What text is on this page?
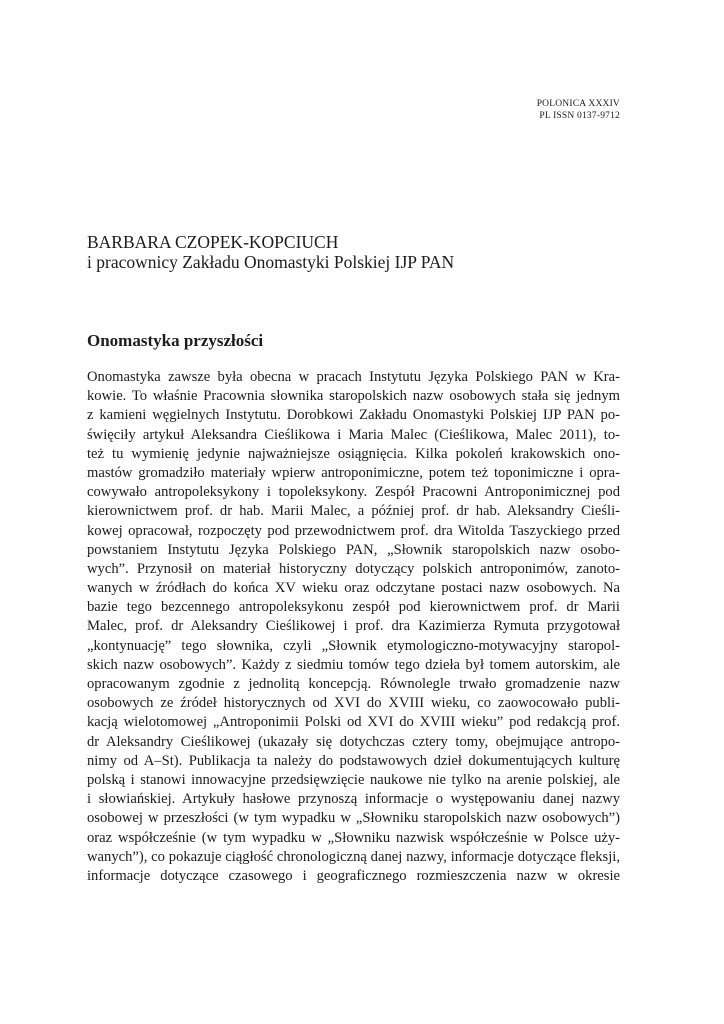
POLONICA XXXIV
PL ISSN 0137-9712
BARBARA CZOPEK-KOPCIUCH
i pracownicy Zakładu Onomastyki Polskiej IJP PAN
Onomastyka przyszłości
Onomastyka zawsze była obecna w pracach Instytutu Języka Polskiego PAN w Kra-
kowie. To właśnie Pracownia słownika staropolskich nazw osobowych stała się jednym
z kamieni węgielnych Instytutu. Dorobkowi Zakładu Onomastyki Polskiej IJP PAN po-
święciły artykuł Aleksandra Cieślikowa i Maria Malec (Cieślikowa, Malec 2011), to-
też tu wymienię jedynie najważniejsze osiągnięcia. Kilka pokoleń krakowskich ono-
mastów gromadziło materiały wpierw antroponimiczne, potem też toponimiczne i opra-
cowywało antropoleksykony i topoleksykony. Zespół Pracowni Antroponimicznej pod
kierownictwem prof. dr hab. Marii Malec, a później prof. dr hab. Aleksandry Cieśli-
kowej opracował, rozpoczęty pod przewodnictwem prof. dra Witolda Taszyckiego przed
powstaniem Instytutu Języka Polskiego PAN, „Słownik staropolskich nazw osobo-
wych”. Przynosił on materiał historyczny dotyczący polskich antroponimów, zanoto-
wanych w źródłach do końca XV wieku oraz odczytane postaci nazw osobowych. Na
bazie tego bezcennego antropoleksykonu zespół pod kierownictwem prof. dr Marii
Malec, prof. dr Aleksandry Cieślikowej i prof. dra Kazimierza Rymuta przygotował
„kontynuację” tego słownika, czyli „Słownik etymologiczno-motywacyjny staropol-
skich nazw osobowych”. Każdy z siedmiu tomów tego dzieła był tomem autorskim, ale
opracowanym zgodnie z jednolitą koncepcją. Równolegle trwało gromadzenie nazw
osobowych ze źródeł historycznych od XVI do XVIII wieku, co zaowocowało publi-
kacją wielotomowej „Antroponimii Polski od XVI do XVIII wieku” pod redakcją prof.
dr Aleksandry Cieślikowej (ukazały się dotychczas cztery tomy, obejmujące antropo-
nimy od A–St). Publikacja ta należy do podstawowych dzieł dokumentujących kulturę
polską i stanowi innowacyjne przedsięwzięcie naukowe nie tylko na arenie polskiej, ale
i słowiańskiej. Artykuły hasłowe przynoszą informacje o występowaniu danej nazwy
osobowej w przeszłości (w tym wypadku w „Słowniku staropolskich nazw osobowych”)
oraz współcześnie (w tym wypadku w „Słowniku nazwisk współcześnie w Polsce uży-
wanych”), co pokazuje ciągłość chronologiczną danej nazwy, informacje dotyczące fleksji,
informacje dotyczące czasowego i geograficznego rozmieszczenia nazw w okresie
